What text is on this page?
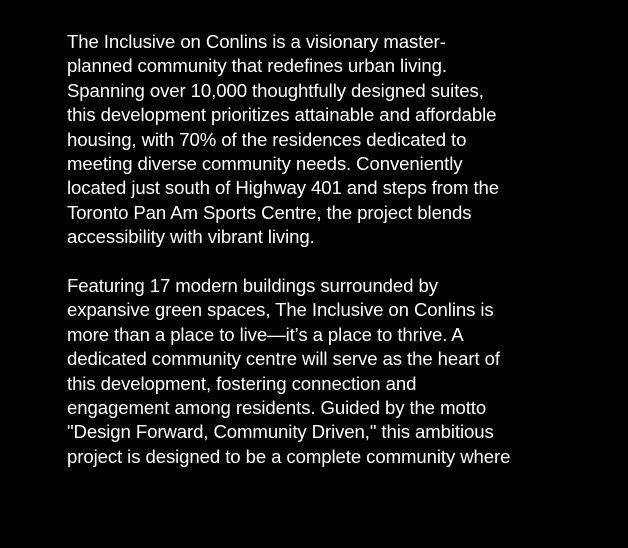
The Inclusive on Conlins is a visionary master-
planned community that redefines urban living.
Spanning over 10,000 thoughtfully designed suites,
this development prioritizes attainable and affordable
housing, with 70% of the residences dedicated to
meeting diverse community needs. Conveniently
located just south of Highway 401 and steps from the
Toronto Pan Am Sports Centre, the project blends
accessibility with vibrant living.

Featuring 17 modern buildings surrounded by
expansive green spaces, The Inclusive on Conlins is
more than a place to live—it’s a place to thrive. A
dedicated community centre will serve as the heart of
this development, fostering connection and
engagement among residents. Guided by the motto
"Design Forward, Community Driven," this ambitious
project is designed to be a complete community where
